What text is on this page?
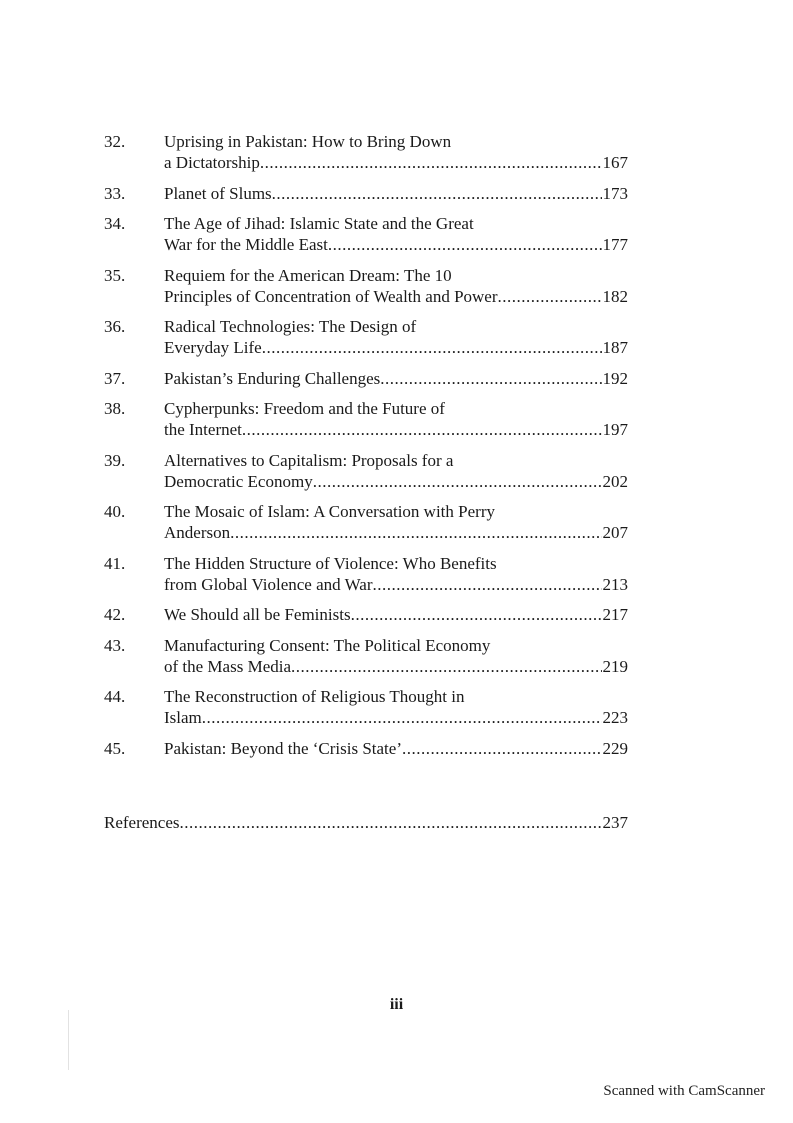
32.	Uprising in Pakistan: How to Bring Down
a Dictatorship .....	167
33.	Planet of Slums .....	173
34.	The Age of Jihad: Islamic State and the Great
War for the Middle East .....	177
35.	Requiem for the American Dream: The 10
Principles of Concentration of Wealth and Power .....	182
36.	Radical Technologies: The Design of
Everyday Life .....	187
37.	Pakistan’s Enduring Challenges .....	192
38.	Cypherpunks: Freedom and the Future of
the Internet .....	197
39.	Alternatives to Capitalism: Proposals for a
Democratic Economy .....	202
40.	The Mosaic of Islam: A Conversation with Perry
Anderson .....	207
41.	The Hidden Structure of Violence: Who Benefits
from Global Violence and War .....	213
42.	We Should all be Feminists .....	217
43.	Manufacturing Consent: The Political Economy
of the Mass Media .....	219
44.	The Reconstruction of Religious Thought in
Islam .....	223
45.	Pakistan: Beyond the ‘Crisis State’ .....	229
References .....	237
iii
Scanned with CamScanner
